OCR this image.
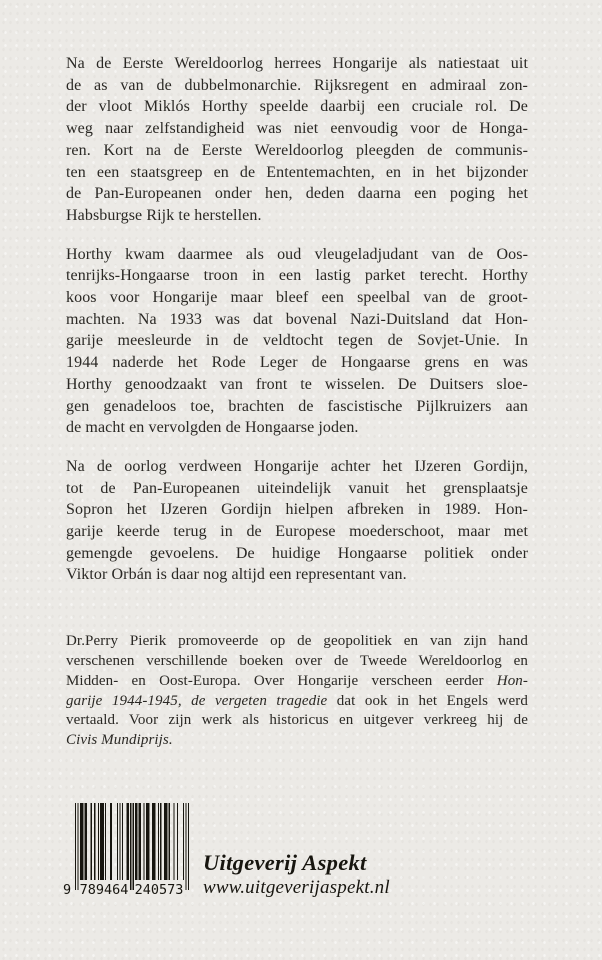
Na de Eerste Wereldoorlog herrees Hongarije als natiestaat uit
de as van de dubbelmonarchie. Rijksregent en admiraal zon-
der vloot Miklós Horthy speelde daarbij een cruciale rol. De
weg naar zelfstandigheid was niet eenvoudig voor de Honga-
ren. Kort na de Eerste Wereldoorlog pleegden de communis-
ten een staatsgreep en de Ententemachten, en in het bijzonder
de Pan-Europeanen onder hen, deden daarna een poging het
Habsburgse Rijk te herstellen.
Horthy kwam daarmee als oud vleugeladjudant van de Oos-
tenrijks-Hongaarse troon in een lastig parket terecht. Horthy
koos voor Hongarije maar bleef een speelbal van de groot-
machten. Na 1933 was dat bovenal Nazi-Duitsland dat Hon-
garije meesleurde in de veldtocht tegen de Sovjet-Unie. In
1944 naderde het Rode Leger de Hongaarse grens en was
Horthy genoodzaakt van front te wisselen. De Duitsers sloe-
gen genadeloos toe, brachten de fascistische Pijlkruizers aan
de macht en vervolgden de Hongaarse joden.
Na de oorlog verdween Hongarije achter het IJzeren Gordijn,
tot de Pan-Europeanen uiteindelijk vanuit het grensplaatsje
Sopron het IJzeren Gordijn hielpen afbreken in 1989. Hon-
garije keerde terug in de Europese moederschoot, maar met
gemengde gevoelens. De huidige Hongaarse politiek onder
Viktor Orbán is daar nog altijd een representant van.
Dr.Perry Pierik promoveerde op de geopolitiek en van zijn hand
verschenen verschillende boeken over de Tweede Wereldoorlog en
Midden- en Oost-Europa. Over Hongarije verscheen eerder Hon-
garije 1944-1945, de vergeten tragedie dat ook in het Engels werd
vertaald. Voor zijn werk als historicus en uitgever verkreeg hij de
Civis Mundiprijs.
9 789464 240573
Uitgeverij Aspekt
www.uitgeverijaspekt.nl
